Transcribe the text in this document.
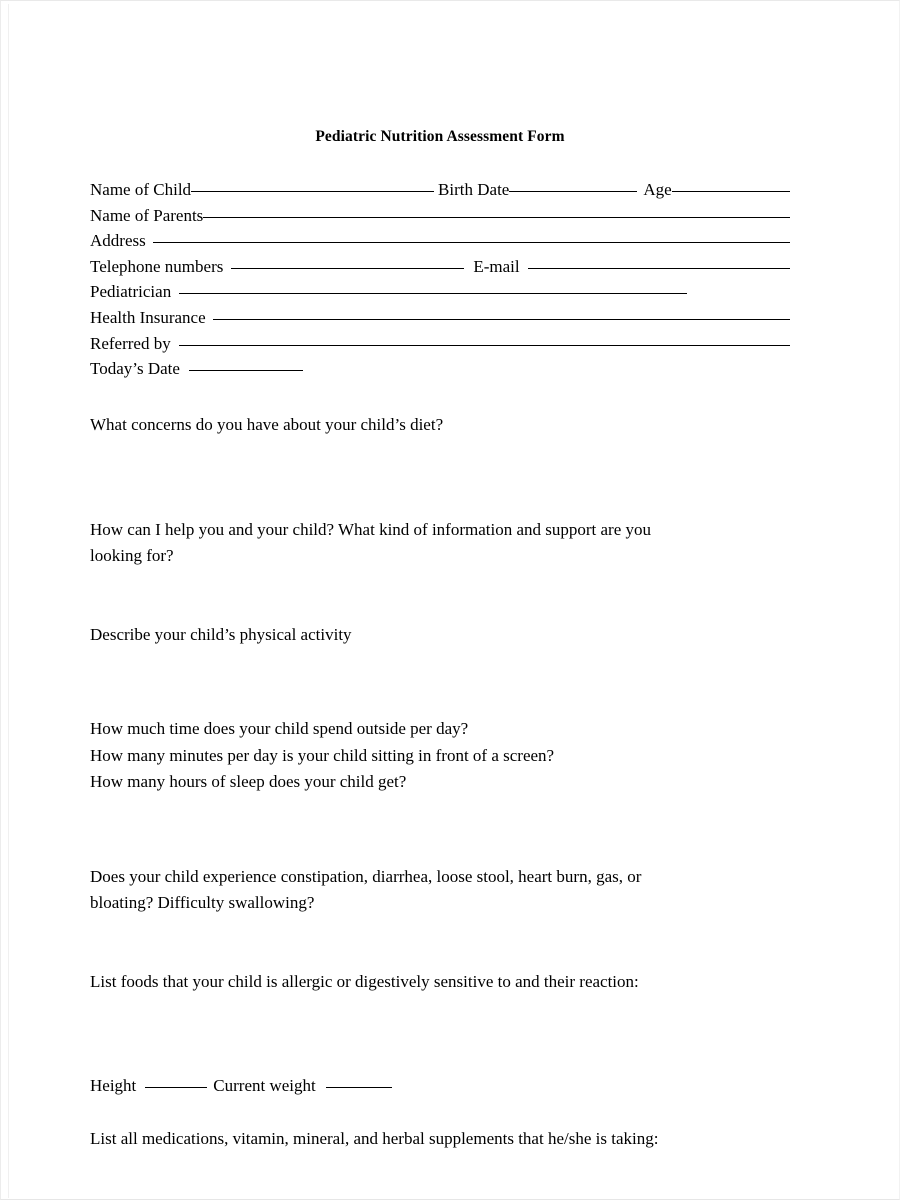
Pediatric Nutrition Assessment Form
Name of Child	Birth Date	Age
Name of Parents
Address
Telephone numbers	E-mail
Pediatrician
Health Insurance
Referred by
Today’s Date
What concerns do you have about your child’s diet?
How can I help you and your child? What kind of information and support are you
looking for?
Describe your child’s physical activity
How much time does your child spend outside per day?
How many minutes per day is your child sitting in front of a screen?
How many hours of sleep does your child get?
Does your child experience constipation, diarrhea, loose stool, heart burn, gas, or
bloating? Difficulty swallowing?
List foods that your child is allergic or digestively sensitive to and their reaction:
Height	Current weight
List all medications, vitamin, mineral, and herbal supplements that he/she is taking:
